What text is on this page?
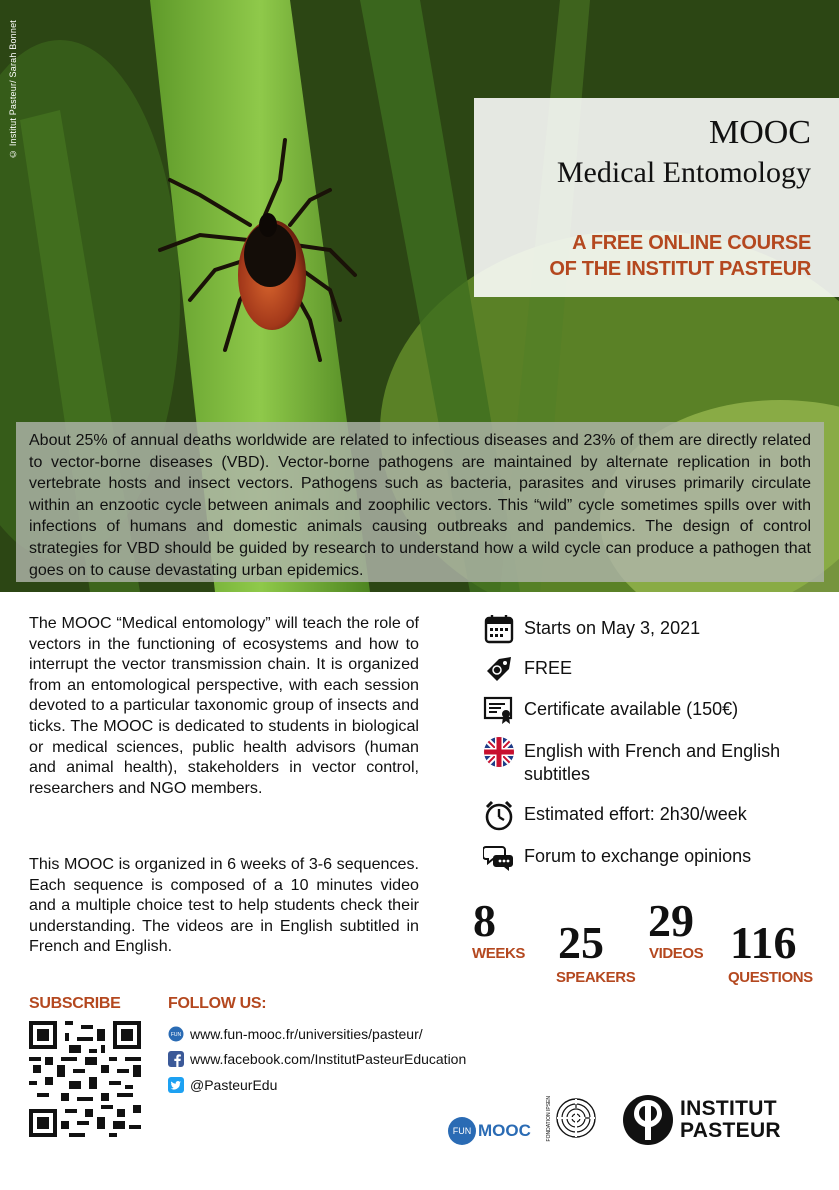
© Institut Pasteur/ Sarah Bonnet	MOOC
Medical Entomology
A FREE ONLINE COURSE
OF THE INSTITUT PASTEUR

About 25% of annual deaths worldwide are related to infectious diseases and 23% of them are directly related to vector-borne diseases (VBD). Vector-borne pathogens are maintained by alternate replication in both vertebrate hosts and insect vectors. Pathogens such as bacteria, parasites and viruses primarily circulate within an enzootic cycle between animals and zoophilic vectors. This “wild” cycle sometimes spills over with infections of humans and domestic animals causing outbreaks and pandemics. The design of control strategies for VBD should be guided by research to understand how a wild cycle can produce a pathogen that goes on to cause devastating urban epidemics.

The MOOC “Medical entomology” will teach the role of vectors in the functioning of ecosystems and how to interrupt the vector transmission chain. It is organized from an entomological perspective, with each session devoted to a particular taxonomic group of insects and ticks. The MOOC is dedicated to students in biological or medical sciences, public health advisors (human and animal health), stakeholders in vector control, researchers and NGO members.

This MOOC is organized in 6 weeks of 3-6 sequences. Each sequence is composed of a 10 minutes video and a multiple choice test to help students check their understanding. The videos are in English subtitled in French and English.

Starts on May 3, 2021
FREE
Certificate available (150€)
English with French and English subtitles
Estimated effort: 2h30/week
Forum to exchange opinions
8
WEEKS 25
SPEAKERS
29
VIDEOS 116
QUESTIONS
SUBSCRIBE	FOLLOW US:
FUN www.fun-mooc.fr/universities/pasteur/
www.facebook.com/InstitutPasteurEducation
@PasteurEdu
FUN MOOC	FONDATION IPSEN	INSTITUT
PASTEUR
